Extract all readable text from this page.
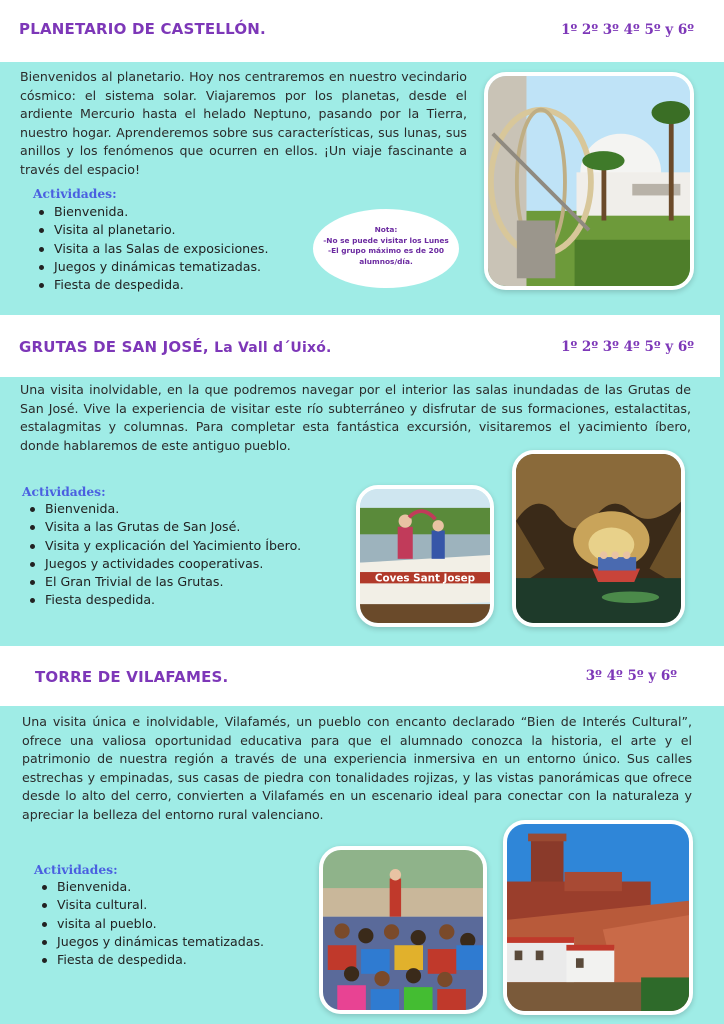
PLANETARIO DE CASTELLÓN.	1º 2º 3º 4º 5º y 6º
Bienvenidos al planetario. Hoy nos centraremos en nuestro vecindario cósmico: el sistema solar. Viajaremos por los planetas, desde el ardiente Mercurio hasta el helado Neptuno, pasando por la Tierra, nuestro hogar. Aprenderemos sobre sus características, sus lunas, sus anillos y los fenómenos que ocurren en ellos. ¡Un viaje fascinante a través del espacio!
Actividades:
Bienvenida.
Visita al planetario.
Visita a las Salas de exposiciones.
Juegos y dinámicas tematizadas.
Fiesta de despedida.
Nota:
-No se puede visitar los Lunes
-El grupo máximo es de 200
alumnos/día.
GRUTAS DE SAN JOSÉ, La Vall d´Uixó.	1º 2º 3º 4º 5º y 6º
Una visita inolvidable, en la que podremos navegar por el interior las salas inundadas de las Grutas de San José. Vive la experiencia de visitar este río subterráneo y disfrutar de sus formaciones, estalactitas, estalagmitas y columnas. Para completar esta fantástica excursión, visitaremos el yacimiento íbero, donde hablaremos de este antiguo pueblo.
Actividades:
Bienvenida.
Visita a las Grutas de San José.
Visita y explicación del Yacimiento Íbero.
Juegos y actividades cooperativas.
El Gran Trivial de las Grutas.
Fiesta despedida.
Coves Sant Josep
TORRE DE VILAFAMES.	3º 4º 5º y 6º
Una visita única e inolvidable, Vilafamés, un pueblo con encanto declarado “Bien de Interés Cultural”, ofrece una valiosa oportunidad educativa para que el alumnado conozca la historia, el arte y el patrimonio de nuestra región a través de una experiencia inmersiva en un entorno único. Sus calles estrechas y empinadas, sus casas de piedra con tonalidades rojizas, y las vistas panorámicas que ofrece desde lo alto del cerro, convierten a Vilafamés en un escenario ideal para conectar con la naturaleza y apreciar la belleza del entorno rural valenciano.
Actividades:
Bienvenida.
Visita cultural.
visita al pueblo.
Juegos y dinámicas tematizadas.
Fiesta de despedida.
